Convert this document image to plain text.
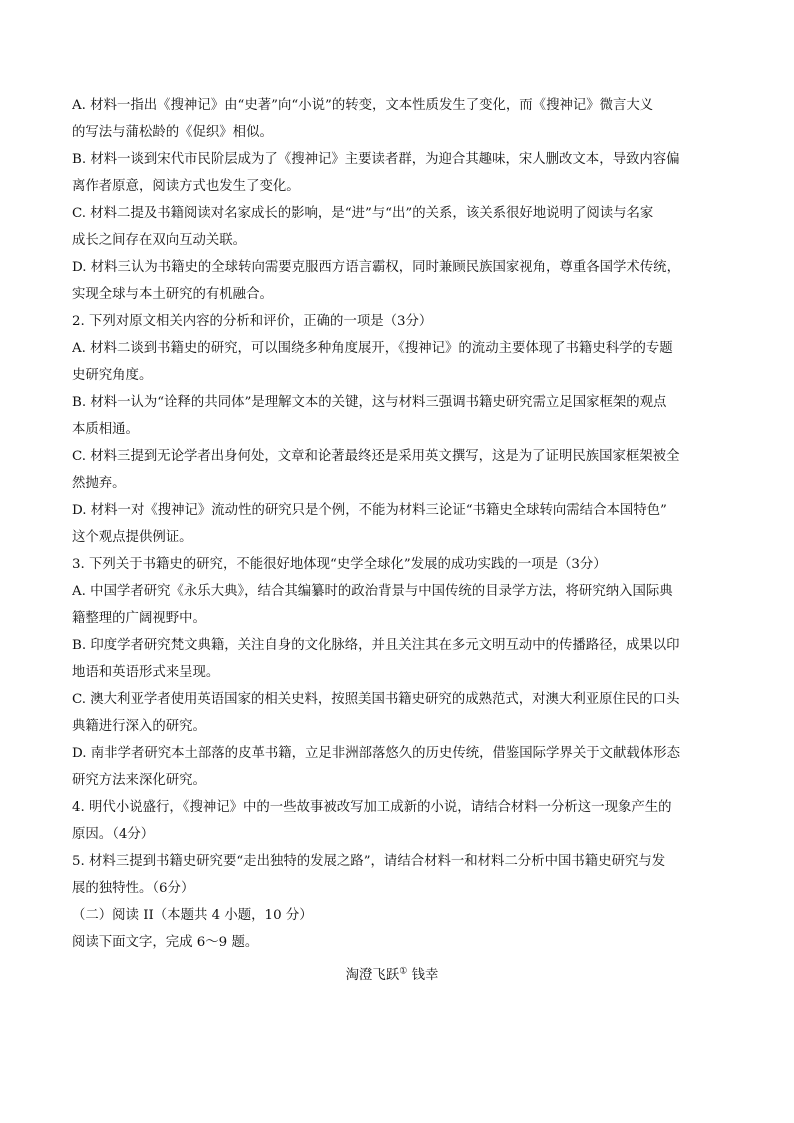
A. 材料一指出《搜神记》由“史著”向“小说”的转变，文本性质发生了变化，而《搜神记》微言大义
的写法与蒲松龄的《促织》相似。
B. 材料一谈到宋代市民阶层成为了《搜神记》主要读者群，为迎合其趣味，宋人删改文本，导致内容偏
离作者原意，阅读方式也发生了变化。
C. 材料二提及书籍阅读对名家成长的影响，是“进”与“出”的关系，该关系很好地说明了阅读与名家
成长之间存在双向互动关联。
D. 材料三认为书籍史的全球转向需要克服西方语言霸权，同时兼顾民族国家视角，尊重各国学术传统，
实现全球与本土研究的有机融合。
2. 下列对原文相关内容的分析和评价，正确的一项是（3分）
A. 材料二谈到书籍史的研究，可以围绕多种角度展开，《搜神记》的流动主要体现了书籍史科学的专题
史研究角度。
B. 材料一认为“诠释的共同体”是理解文本的关键，这与材料三强调书籍史研究需立足国家框架的观点
本质相通。
C. 材料三提到无论学者出身何处，文章和论著最终还是采用英文撰写，这是为了证明民族国家框架被全
然抛弃。
D. 材料一对《搜神记》流动性的研究只是个例，不能为材料三论证“书籍史全球转向需结合本国特色”
这个观点提供例证。
3. 下列关于书籍史的研究，不能很好地体现“史学全球化”发展的成功实践的一项是（3分）
A. 中国学者研究《永乐大典》，结合其编纂时的政治背景与中国传统的目录学方法，将研究纳入国际典
籍整理的广阔视野中。
B. 印度学者研究梵文典籍，关注自身的文化脉络，并且关注其在多元文明互动中的传播路径，成果以印
地语和英语形式来呈现。
C. 澳大利亚学者使用英语国家的相关史料，按照美国书籍史研究的成熟范式，对澳大利亚原住民的口头
典籍进行深入的研究。
D. 南非学者研究本土部落的皮革书籍，立足非洲部落悠久的历史传统，借鉴国际学界关于文献载体形态
研究方法来深化研究。
4. 明代小说盛行，《搜神记》中的一些故事被改写加工成新的小说，请结合材料一分析这一现象产生的
原因。（4分）
5. 材料三提到书籍史研究要“走出独特的发展之路”，请结合材料一和材料二分析中国书籍史研究与发
展的独特性。（6分）
（二）阅读 II（本题共 4 小题，10 分）
阅读下面文字，完成 6～9 题。
淘澄飞跃① 钱幸
